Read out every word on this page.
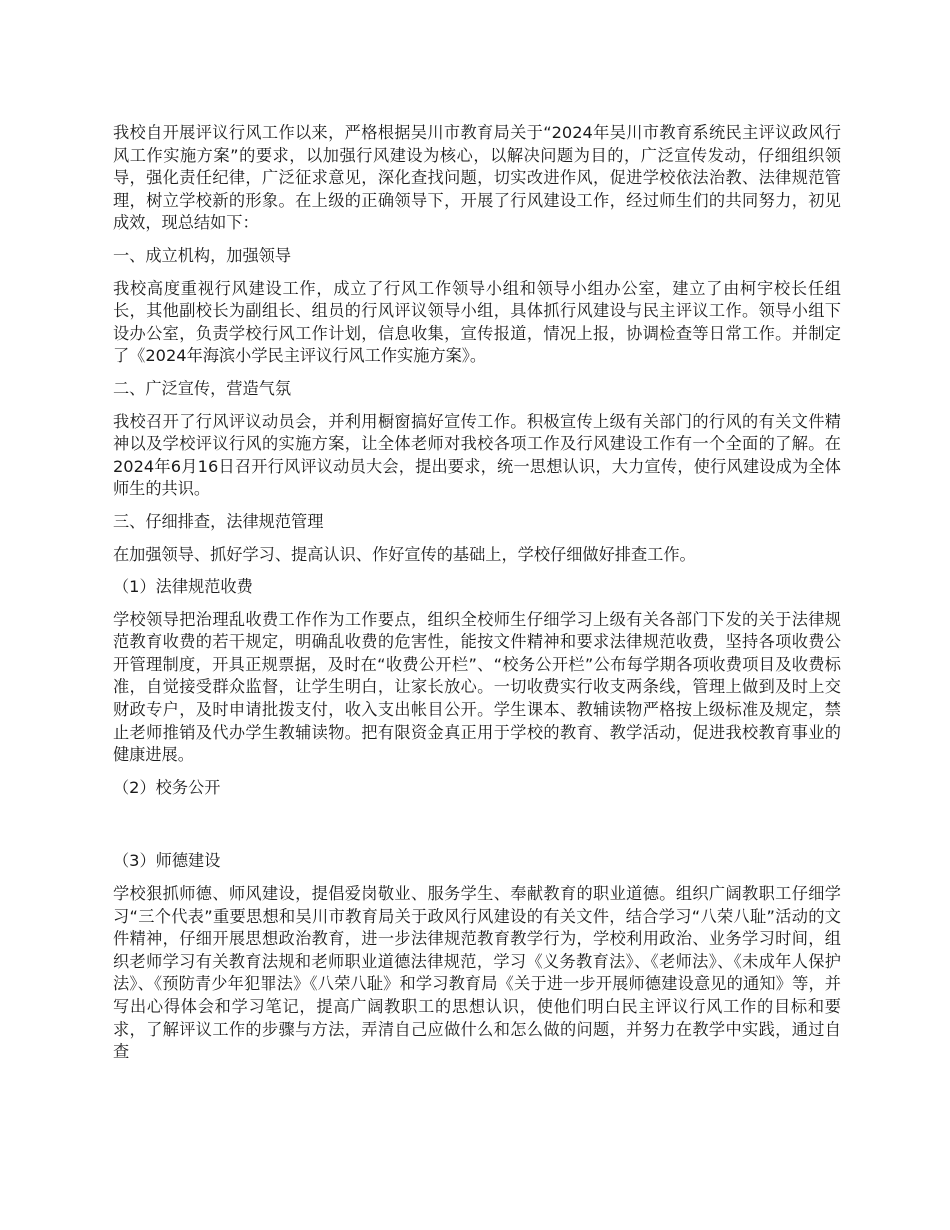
我校自开展评议行风工作以来，严格根据吴川市教育局关于“2024年吴川市教育系统民主评议政风行风工作实施方案”的要求，以加强行风建设为核心，以解决问题为目的，广泛宣传发动，仔细组织领导，强化责任纪律，广泛征求意见，深化查找问题，切实改进作风，促进学校依法治教、法律规范管理，树立学校新的形象。在上级的正确领导下，开展了行风建设工作，经过师生们的共同努力，初见成效，现总结如下：

一、成立机构，加强领导

我校高度重视行风建设工作，成立了行风工作领导小组和领导小组办公室，建立了由柯宇校长任组长，其他副校长为副组长、组员的行风评议领导小组，具体抓行风建设与民主评议工作。领导小组下设办公室，负责学校行风工作计划，信息收集，宣传报道，情况上报，协调检查等日常工作。并制定了《2024年海滨小学民主评议行风工作实施方案》。

二、广泛宣传，营造气氛

我校召开了行风评议动员会，并利用橱窗搞好宣传工作。积极宣传上级有关部门的行风的有关文件精神以及学校评议行风的实施方案，让全体老师对我校各项工作及行风建设工作有一个全面的了解。在2024年6月16日召开行风评议动员大会，提出要求，统一思想认识，大力宣传，使行风建设成为全体师生的共识。

三、仔细排查，法律规范管理

在加强领导、抓好学习、提高认识、作好宣传的基础上，学校仔细做好排查工作。

（1）法律规范收费

学校领导把治理乱收费工作作为工作要点，组织全校师生仔细学习上级有关各部门下发的关于法律规范教育收费的若干规定，明确乱收费的危害性，能按文件精神和要求法律规范收费，坚持各项收费公开管理制度，开具正规票据，及时在“收费公开栏”、“校务公开栏”公布每学期各项收费项目及收费标准，自觉接受群众监督，让学生明白，让家长放心。一切收费实行收支两条线，管理上做到及时上交财政专户，及时申请批拨支付，收入支出帐目公开。学生课本、教辅读物严格按上级标准及规定，禁止老师推销及代办学生教辅读物。把有限资金真正用于学校的教育、教学活动，促进我校教育事业的健康进展。

（2）校务公开

（3）师德建设

学校狠抓师德、师风建设，提倡爱岗敬业、服务学生、奉献教育的职业道德。组织广阔教职工仔细学习“三个代表”重要思想和吴川市教育局关于政风行风建设的有关文件，结合学习“八荣八耻”活动的文件精神，仔细开展思想政治教育，进一步法律规范教育教学行为，学校利用政治、业务学习时间，组织老师学习有关教育法规和老师职业道德法律规范，学习《义务教育法》、《老师法》、《未成年人保护法》、《预防青少年犯罪法》《八荣八耻》和学习教育局《关于进一步开展师德建设意见的通知》等，并写出心得体会和学习笔记，提高广阔教职工的思想认识，使他们明白民主评议行风工作的目标和要求，了解评议工作的步骤与方法，弄清自己应做什么和怎么做的问题，并努力在教学中实践，通过自查
